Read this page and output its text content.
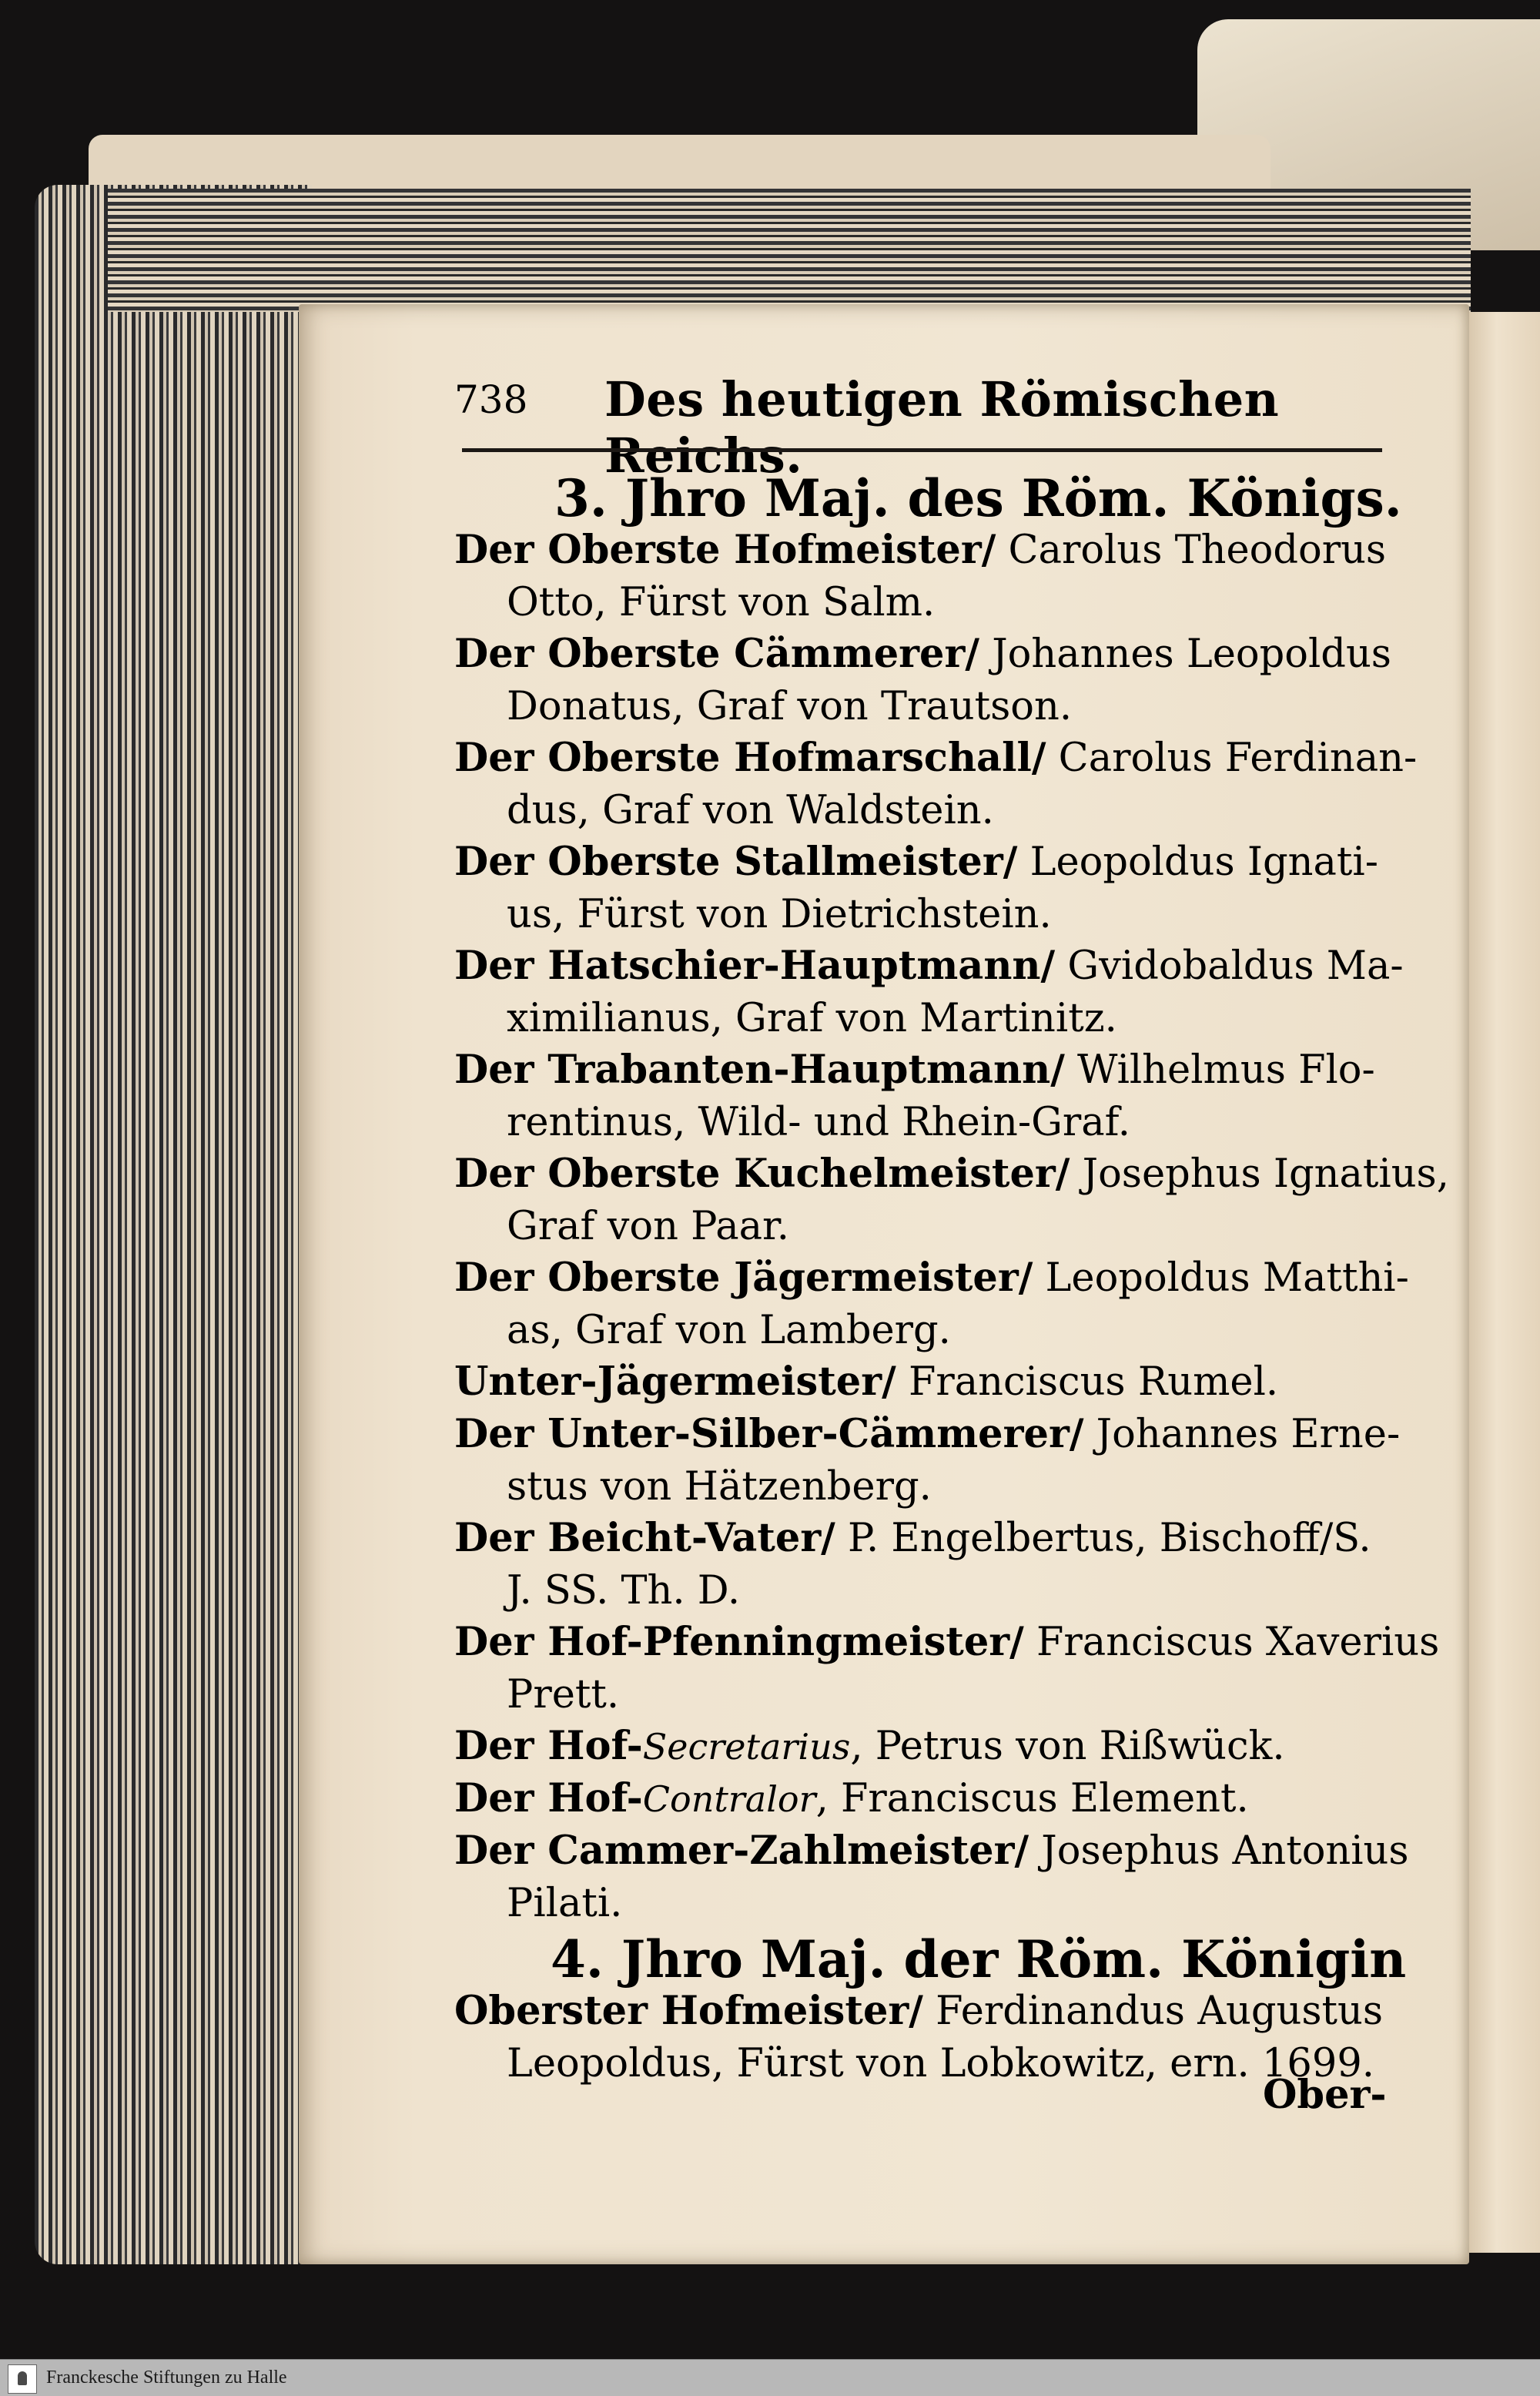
738 Des heutigen Römischen Reichs.
3. Jhro Maj. des Röm. Königs.
Der Oberste Hofmeister/ Carolus Theodorus
Otto, Fürst von Salm.
Der Oberste Cämmerer/ Johannes Leopoldus
Donatus, Graf von Trautson.
Der Oberste Hofmarschall/ Carolus Ferdinan-
dus, Graf von Waldstein.
Der Oberste Stallmeister/ Leopoldus Ignati-
us, Fürst von Dietrichstein.
Der Hatschier-Hauptmann/ Gvidobaldus Ma-
ximilianus, Graf von Martinitz.
Der Trabanten-Hauptmann/ Wilhelmus Flo-
rentinus, Wild- und Rhein-Graf.
Der Oberste Kuchelmeister/ Josephus Ignatius,
Graf von Paar.
Der Oberste Jägermeister/ Leopoldus Matthi-
as, Graf von Lamberg.
Unter-Jägermeister/ Franciscus Rumel.
Der Unter-Silber-Cämmerer/ Johannes Erne-
stus von Hätzenberg.
Der Beicht-Vater/ P. Engelbertus, Bischoff/S.
J. SS. Th. D.
Der Hof-Pfenningmeister/ Franciscus Xaverius
Prett.
Der Hof-Secretarius, Petrus von Rißwück.
Der Hof-Contralor, Franciscus Element.
Der Cammer-Zahlmeister/ Josephus Antonius
Pilati.
4. Jhro Maj. der Röm. Königin
Oberster Hofmeister/ Ferdinandus Augustus
Leopoldus, Fürst von Lobkowitz, ern. 1699.
Ober-
Franckesche Stiftungen zu Halle
